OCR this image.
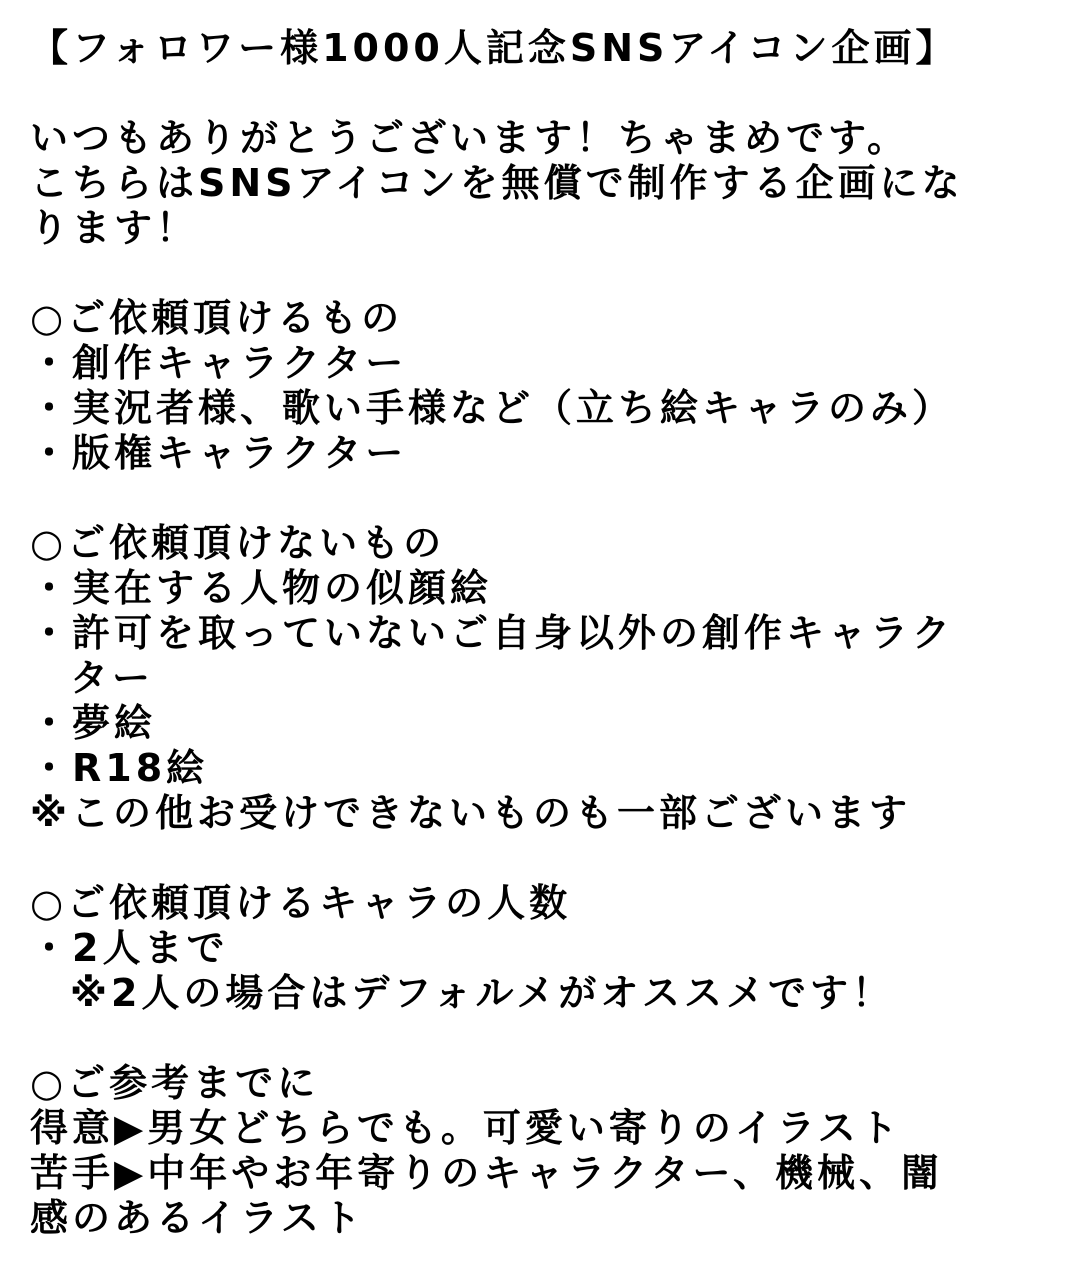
【フォロワー様1000人記念SNSアイコン企画】
いつもありがとうございます！ちゃまめです。
こちらはSNSアイコンを無償で制作する企画にな
ります！
○ご依頼頂けるもの
・創作キャラクター
・実況者様、歌い手様など（立ち絵キャラのみ）
・版権キャラクター
○ご依頼頂けないもの
・実在する人物の似顔絵
・許可を取っていないご自身以外の創作キャラク
ター
・夢絵
・R18絵
※この他お受けできないものも一部ございます
○ご依頼頂けるキャラの人数
・2人まで
※2人の場合はデフォルメがオススメです！
○ご参考までに
得意▶男女どちらでも。可愛い寄りのイラスト
苦手▶中年やお年寄りのキャラクター、機械、闇
感のあるイラスト
